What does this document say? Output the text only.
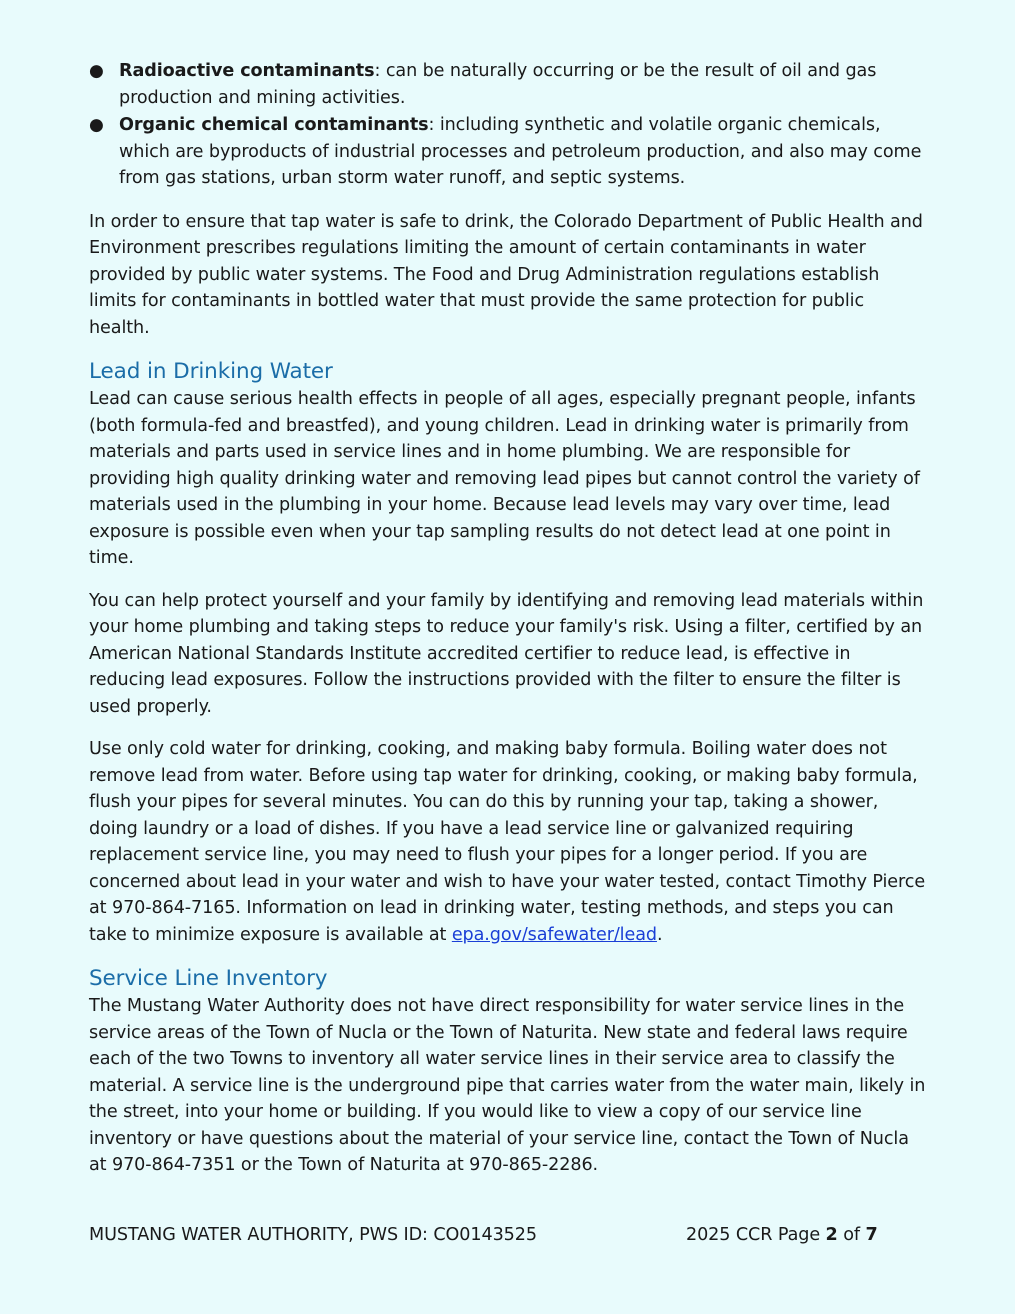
● Radioactive contaminants: can be naturally occurring or be the result of oil and gas production and mining activities.
● Organic chemical contaminants: including synthetic and volatile organic chemicals, which are byproducts of industrial processes and petroleum production, and also may come from gas stations, urban storm water runoff, and septic systems.

In order to ensure that tap water is safe to drink, the Colorado Department of Public Health and Environment prescribes regulations limiting the amount of certain contaminants in water provided by public water systems. The Food and Drug Administration regulations establish limits for contaminants in bottled water that must provide the same protection for public health.

Lead in Drinking Water

Lead can cause serious health effects in people of all ages, especially pregnant people, infants (both formula-fed and breastfed), and young children. Lead in drinking water is primarily from materials and parts used in service lines and in home plumbing. We are responsible for providing high quality drinking water and removing lead pipes but cannot control the variety of materials used in the plumbing in your home. Because lead levels may vary over time, lead exposure is possible even when your tap sampling results do not detect lead at one point in time.

You can help protect yourself and your family by identifying and removing lead materials within your home plumbing and taking steps to reduce your family's risk. Using a filter, certified by an American National Standards Institute accredited certifier to reduce lead, is effective in reducing lead exposures. Follow the instructions provided with the filter to ensure the filter is used properly.

Use only cold water for drinking, cooking, and making baby formula. Boiling water does not remove lead from water. Before using tap water for drinking, cooking, or making baby formula, flush your pipes for several minutes. You can do this by running your tap, taking a shower, doing laundry or a load of dishes. If you have a lead service line or galvanized requiring replacement service line, you may need to flush your pipes for a longer period. If you are concerned about lead in your water and wish to have your water tested, contact Timothy Pierce at 970-864-7165. Information on lead in drinking water, testing methods, and steps you can take to minimize exposure is available at epa.gov/safewater/lead.

Service Line Inventory

The Mustang Water Authority does not have direct responsibility for water service lines in the service areas of the Town of Nucla or the Town of Naturita. New state and federal laws require each of the two Towns to inventory all water service lines in their service area to classify the material. A service line is the underground pipe that carries water from the water main, likely in the street, into your home or building. If you would like to view a copy of our service line inventory or have questions about the material of your service line, contact the Town of Nucla at 970-864-7351 or the Town of Naturita at 970-865-2286.

MUSTANG WATER AUTHORITY, PWS ID: CO0143525	2025 CCR Page 2 of 7
